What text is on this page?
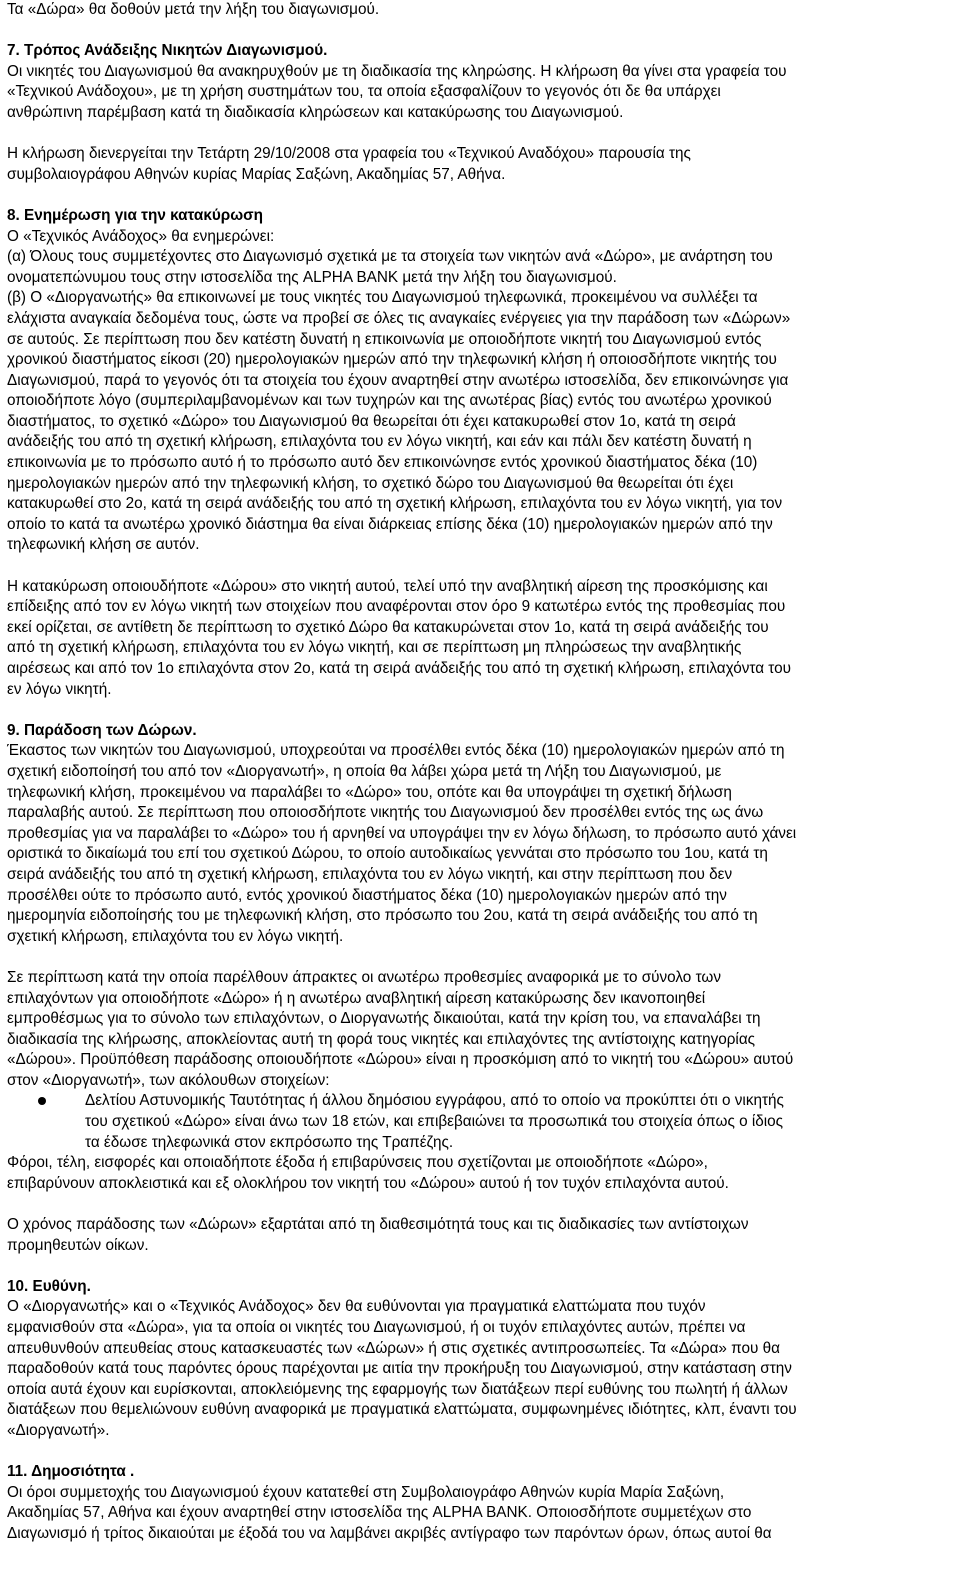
Τα «Δώρα» θα δοθούν μετά την λήξη του διαγωνισμού.
7. Τρόπος Ανάδειξης Νικητών Διαγωνισμού.
Οι νικητές του Διαγωνισμού θα ανακηρυχθούν με τη διαδικασία της κληρώσης. Η κλήρωση θα γίνει στα γραφεία του
«Τεχνικού Ανάδοχου», με τη χρήση συστημάτων του, τα οποία εξασφαλίζουν το γεγονός ότι δε θα υπάρχει
ανθρώπινη παρέμβαση κατά τη διαδικασία κληρώσεων και κατακύρωσης του Διαγωνισμού.
Η κλήρωση διενεργείται την Τετάρτη 29/10/2008 στα γραφεία του «Τεχνικού Αναδόχου» παρουσία της
συμβολαιογράφου Αθηνών κυρίας Μαρίας Σαξώνη, Ακαδημίας 57, Αθήνα.
8. Ενημέρωση για την κατακύρωση
Ο «Τεχνικός Ανάδοχος» θα ενημερώνει:
(α) Όλους τους συμμετέχοντες στο Διαγωνισμό σχετικά με τα στοιχεία των νικητών ανά «Δώρο», με ανάρτηση του
ονοματεπώνυμου τους στην ιστοσελίδα της ALPHA BANK μετά την λήξη του διαγωνισμού.
(β) Ο «Διοργανωτής» θα επικοινωνεί με τους νικητές του Διαγωνισμού τηλεφωνικά, προκειμένου να συλλέξει τα
ελάχιστα αναγκαία δεδομένα τους, ώστε να προβεί σε όλες τις αναγκαίες ενέργειες για την παράδοση των «Δώρων»
σε αυτούς. Σε περίπτωση που δεν κατέστη δυνατή η επικοινωνία με οποιοδήποτε νικητή του Διαγωνισμού εντός
χρονικού διαστήματος είκοσι (20) ημερολογιακών ημερών από την τηλεφωνική κλήση ή οποιοσδήποτε νικητής του
Διαγωνισμού, παρά το γεγονός ότι τα στοιχεία του έχουν αναρτηθεί στην ανωτέρω ιστοσελίδα, δεν επικοινώνησε για
οποιοδήποτε λόγο (συμπεριλαμβανομένων και των τυχηρών και της ανωτέρας βίας) εντός του ανωτέρω χρονικού
διαστήματος, το σχετικό «Δώρο» του Διαγωνισμού θα θεωρείται ότι έχει κατακυρωθεί στον 1ο, κατά τη σειρά
ανάδειξής του από τη σχετική κλήρωση, επιλαχόντα του εν λόγω νικητή, και εάν και πάλι δεν κατέστη δυνατή η
επικοινωνία με το πρόσωπο αυτό ή το πρόσωπο αυτό δεν επικοινώνησε εντός χρονικού διαστήματος δέκα (10)
ημερολογιακών ημερών από την τηλεφωνική κλήση, το σχετικό δώρο του Διαγωνισμού θα θεωρείται ότι έχει
κατακυρωθεί στο 2ο, κατά τη σειρά ανάδειξής του από τη σχετική κλήρωση, επιλαχόντα του εν λόγω νικητή, για τον
οποίο το κατά τα ανωτέρω χρονικό διάστημα θα είναι διάρκειας επίσης δέκα (10) ημερολογιακών ημερών από την
τηλεφωνική κλήση σε αυτόν.
Η κατακύρωση οποιουδήποτε «Δώρου» στο νικητή αυτού, τελεί υπό την αναβλητική αίρεση της προσκόμισης και
επίδειξης από τον εν λόγω νικητή των στοιχείων που αναφέρονται στον όρο 9 κατωτέρω εντός της προθεσμίας που
εκεί ορίζεται, σε αντίθετη δε περίπτωση το σχετικό Δώρο θα κατακυρώνεται στον 1ο, κατά τη σειρά ανάδειξής του
από τη σχετική κλήρωση, επιλαχόντα του εν λόγω νικητή, και σε περίπτωση μη πληρώσεως την αναβλητικής
αιρέσεως και από τον 1ο επιλαχόντα στον 2ο, κατά τη σειρά ανάδειξής του από τη σχετική κλήρωση, επιλαχόντα του
εν λόγω νικητή.
9. Παράδοση των Δώρων.
Έκαστος των νικητών του Διαγωνισμού, υποχρεούται να προσέλθει εντός δέκα (10) ημερολογιακών ημερών από τη
σχετική ειδοποίησή του από τον «Διοργανωτή», η οποία θα λάβει χώρα μετά τη Λήξη του Διαγωνισμού, με
τηλεφωνική κλήση, προκειμένου να παραλάβει το «Δώρο» του, οπότε και θα υπογράψει τη σχετική δήλωση
παραλαβής αυτού. Σε περίπτωση που οποιοσδήποτε νικητής του Διαγωνισμού δεν προσέλθει εντός της ως άνω
προθεσμίας για να παραλάβει το «Δώρο» του ή αρνηθεί να υπογράψει την εν λόγω δήλωση, το πρόσωπο αυτό χάνει
οριστικά το δικαίωμά του επί του σχετικού Δώρου, το οποίο αυτοδικαίως γεννάται στο πρόσωπο του 1ου, κατά τη
σειρά ανάδειξής του από τη σχετική κλήρωση, επιλαχόντα του εν λόγω νικητή, και στην περίπτωση που δεν
προσέλθει ούτε το πρόσωπο αυτό, εντός χρονικού διαστήματος δέκα (10) ημερολογιακών ημερών από την
ημερομηνία ειδοποίησής του με τηλεφωνική κλήση, στο πρόσωπο του 2ου, κατά τη σειρά ανάδειξής του από τη
σχετική κλήρωση, επιλαχόντα του εν λόγω νικητή.
Σε περίπτωση κατά την οποία παρέλθουν άπρακτες οι ανωτέρω προθεσμίες αναφορικά με το σύνολο των
επιλαχόντων για οποιοδήποτε «Δώρο» ή η ανωτέρω αναβλητική αίρεση κατακύρωσης δεν ικανοποιηθεί
εμπροθέσμως για το σύνολο των επιλαχόντων, ο Διοργανωτής δικαιούται, κατά την κρίση του, να επαναλάβει τη
διαδικασία της κλήρωσης, αποκλείοντας αυτή τη φορά τους νικητές και επιλαχόντες της αντίστοιχης κατηγορίας
«Δώρου». Προϋπόθεση παράδοσης οποιουδήποτε «Δώρου» είναι η προσκόμιση από το νικητή του «Δώρου» αυτού
στον «Διοργανωτή», των ακόλουθων στοιχείων:
Δελτίου Αστυνομικής Ταυτότητας ή άλλου δημόσιου εγγράφου, από το οποίο να προκύπτει ότι ο νικητής
του σχετικού «Δώρο» είναι άνω των 18 ετών, και επιβεβαιώνει τα προσωπικά του στοιχεία όπως ο ίδιος
τα έδωσε τηλεφωνικά στον εκπρόσωπο της Τραπέζης.
Φόροι, τέλη, εισφορές και οποιαδήποτε έξοδα ή επιβαρύνσεις που σχετίζονται με οποιοδήποτε «Δώρο»,
επιβαρύνουν αποκλειστικά και εξ ολοκλήρου τον νικητή του «Δώρου» αυτού ή τον τυχόν επιλαχόντα αυτού.
Ο χρόνος παράδοσης των «Δώρων» εξαρτάται από τη διαθεσιμότητά τους και τις διαδικασίες των αντίστοιχων
προμηθευτών οίκων.
10. Ευθύνη.
Ο «Διοργανωτής» και ο «Τεχνικός Ανάδοχος» δεν θα ευθύνονται για πραγματικά ελαττώματα που τυχόν
εμφανισθούν στα «Δώρα», για τα οποία οι νικητές του Διαγωνισμού, ή οι τυχόν επιλαχόντες αυτών, πρέπει να
απευθυνθούν απευθείας στους κατασκευαστές των «Δώρων» ή στις σχετικές αντιπροσωπείες. Τα «Δώρα» που θα
παραδοθούν κατά τους παρόντες όρους παρέχονται με αιτία την προκήρυξη του Διαγωνισμού, στην κατάσταση στην
οποία αυτά έχουν και ευρίσκονται, αποκλειόμενης της εφαρμογής των διατάξεων περί ευθύνης του πωλητή ή άλλων
διατάξεων που θεμελιώνουν ευθύνη αναφορικά με πραγματικά ελαττώματα, συμφωνημένες ιδιότητες, κλπ, έναντι του
«Διοργανωτή».
11. Δημοσιότητα .
Οι όροι συμμετοχής του Διαγωνισμού έχουν κατατεθεί στη Συμβολαιογράφο Αθηνών κυρία Μαρία Σαξώνη,
Ακαδημίας 57, Αθήνα και έχουν αναρτηθεί στην ιστοσελίδα της ALPHA BANK. Οποιοσδήποτε συμμετέχων στο
Διαγωνισμό ή τρίτος δικαιούται με έξοδά του να λαμβάνει ακριβές αντίγραφο των παρόντων όρων, όπως αυτοί θα
